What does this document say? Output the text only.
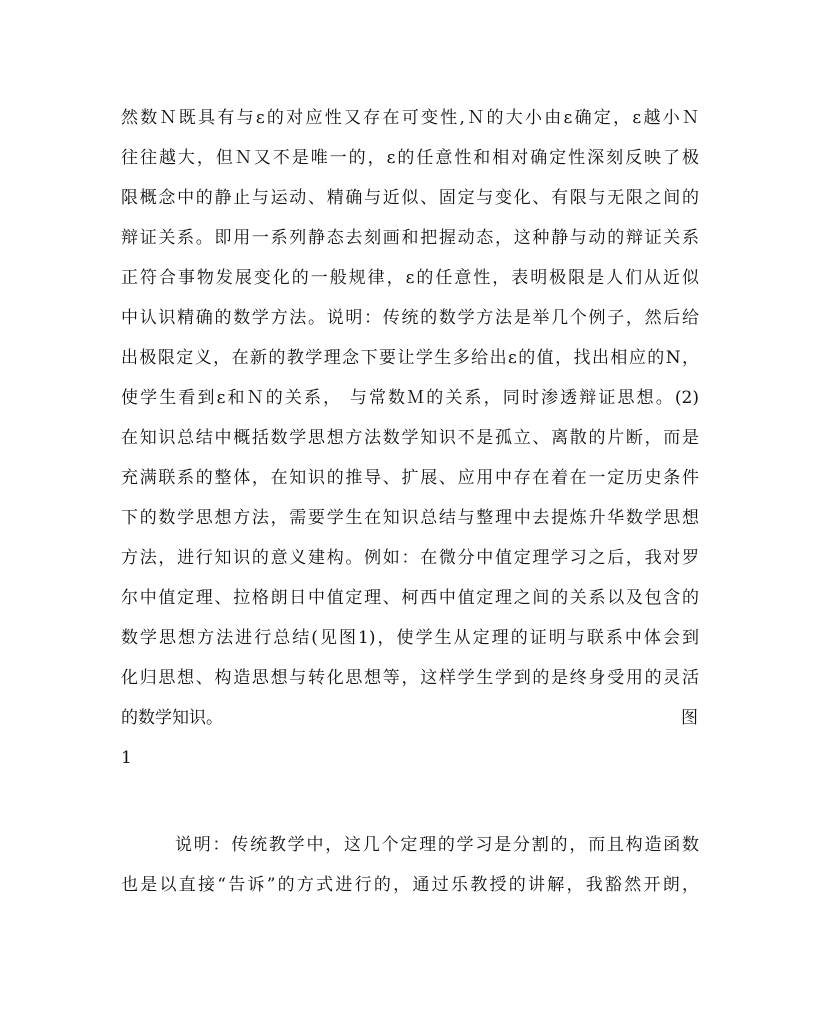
然数Ｎ既具有与ε的对应性又存在可变性,Ｎ的大小由ε确定，ε越小Ｎ
往往越大，但Ｎ又不是唯一的，ε的任意性和相对确定性深刻反映了极
限概念中的静止与运动、精确与近似、固定与变化、有限与无限之间的
辩证关系。即用一系列静态去刻画和把握动态，这种静与动的辩证关系
正符合事物发展变化的一般规律，ε的任意性，表明极限是人们从近似
中认识精确的数学方法。说明：传统的数学方法是举几个例子，然后给
出极限定义，在新的教学理念下要让学生多给出ε的值，找出相应的N，
使学生看到ε和Ｎ的关系， 与常数Ｍ的关系，同时渗透辩证思想。(2)
在知识总结中概括数学思想方法数学知识不是孤立、离散的片断，而是
充满联系的整体，在知识的推导、扩展、应用中存在着在一定历史条件
下的数学思想方法，需要学生在知识总结与整理中去提炼升华数学思想
方法，进行知识的意义建构。例如：在微分中值定理学习之后，我对罗
尔中值定理、拉格朗日中值定理、柯西中值定理之间的关系以及包含的
数学思想方法进行总结(见图1)，使学生从定理的证明与联系中体会到
化归思想、构造思想与转化思想等，这样学生学到的是终身受用的灵活
的数学知识。	图
1
说明：传统教学中，这几个定理的学习是分割的，而且构造函数
也是以直接“告诉”的方式进行的，通过乐教授的讲解，我豁然开朗，
